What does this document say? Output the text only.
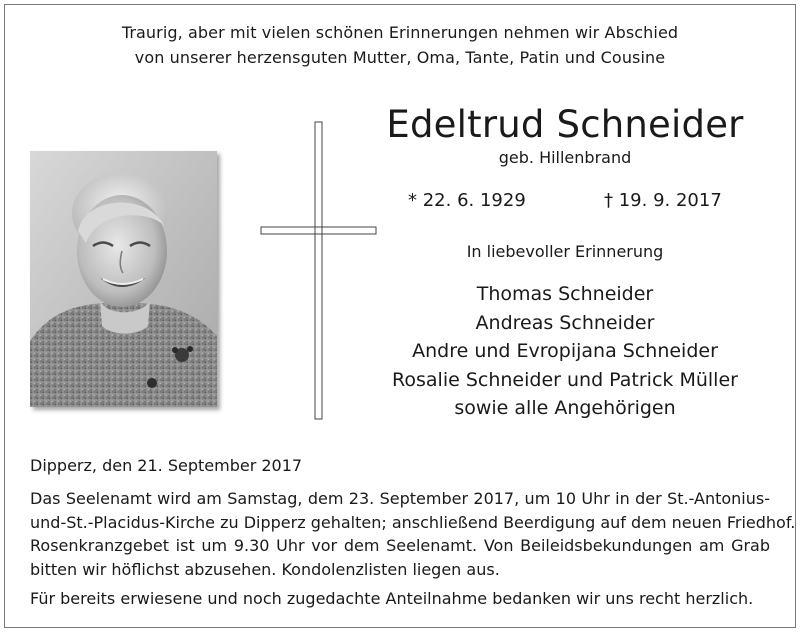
Traurig, aber mit vielen schönen Erinnerungen nehmen wir Abschied
von unserer herzensguten Mutter, Oma, Tante, Patin und Cousine
Edeltrud Schneider
geb. Hillenbrand
* 22. 6. 1929	† 19. 9. 2017
In liebevoller Erinnerung
Thomas Schneider
Andreas Schneider
Andre und Evropijana Schneider
Rosalie Schneider und Patrick Müller
sowie alle Angehörigen
Dipperz, den 21. September 2017
Das Seelenamt wird am Samstag, dem 23. September 2017, um 10 Uhr in der St.-Antonius-
und-St.-Placidus-Kirche zu Dipperz gehalten; anschließend Beerdigung auf dem neuen Friedhof.
Rosenkranzgebet ist um 9.30 Uhr vor dem Seelenamt. Von Beileidsbekundungen am Grab
bitten wir höflichst abzusehen. Kondolenzlisten liegen aus.
Für bereits erwiesene und noch zugedachte Anteilnahme bedanken wir uns recht herzlich.
